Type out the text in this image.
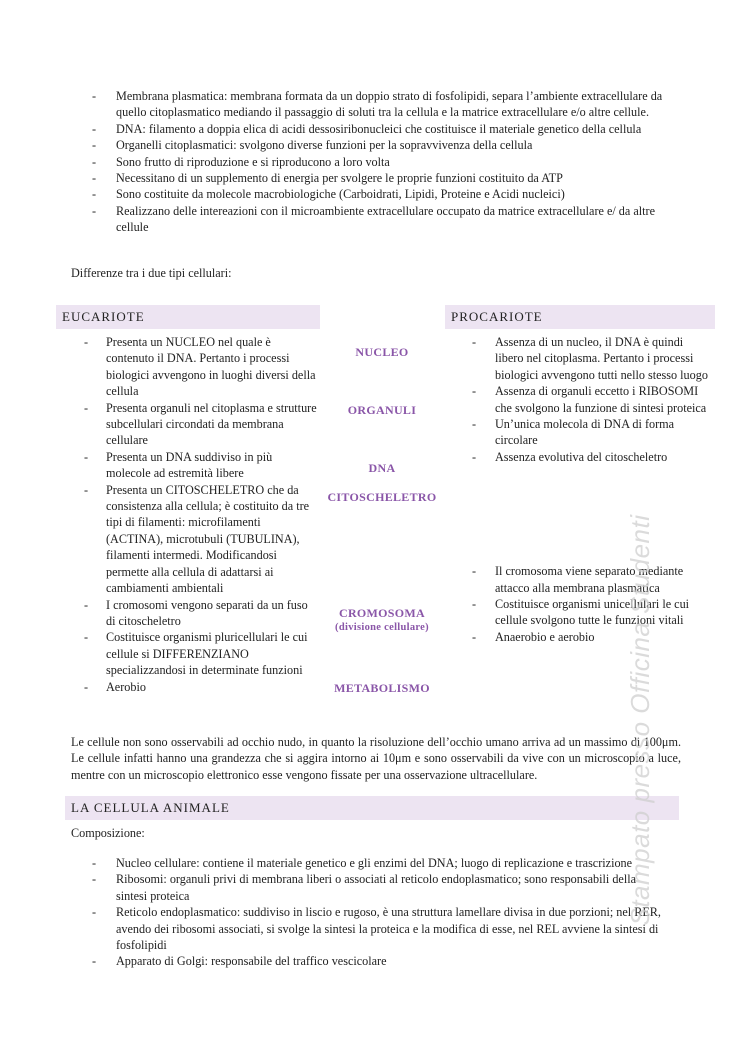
- Membrana plasmatica: membrana formata da un doppio strato di fosfolipidi, separa l’ambiente extracellulare da quello citoplasmatico mediando il passaggio di soluti tra la cellula e la matrice extracellulare e/o altre cellule.
- DNA: filamento a doppia elica di acidi dessosiribonucleici che costituisce il materiale genetico della cellula
- Organelli citoplasmatici: svolgono diverse funzioni per la sopravvivenza della cellula
- Sono frutto di riproduzione e si riproducono a loro volta
- Necessitano di un supplemento di energia per svolgere le proprie funzioni costituito da ATP
- Sono costituite da molecole macrobiologiche (Carboidrati, Lipidi, Proteine e Acidi nucleici)
- Realizzano delle intereazioni con il microambiente extracellulare occupato da matrice extracellulare e/ da altre cellule
Differenze tra i due tipi cellulari:
EUCARIOTE	PROCARIOTE
- Presenta un NUCLEO nel quale è contenuto il DNA. Pertanto i processi biologici avvengono in luoghi diversi della cellula
- Presenta organuli nel citoplasma e strutture subcellulari circondati da membrana cellulare
- Presenta un DNA suddiviso in più molecole ad estremità libere
- Presenta un CITOSCHELETRO che da consistenza alla cellula; è costituito da tre tipi di filamenti: microfilamenti (ACTINA), microtubuli (TUBULINA), filamenti intermedi. Modificandosi permette alla cellula di adattarsi ai cambiamenti ambientali
- I cromosomi vengono separati da un fuso di citoscheletro
- Costituisce organismi pluricellulari le cui cellule si DIFFERENZIANO specializzandosi in determinate funzioni
- Aerobio
NUCLEO
ORGANULI
DNA
CITOSCHELETRO
CROMOSOMA
(divisione cellulare)
METABOLISMO
- Assenza di un nucleo, il DNA è quindi libero nel citoplasma. Pertanto i processi biologici avvengono tutti nello stesso luogo
- Assenza di organuli eccetto i RIBOSOMI che svolgono la funzione di sintesi proteica
- Un’unica molecola di DNA di forma circolare
- Assenza evolutiva del citoscheletro
- Il cromosoma viene separato mediante attacco alla membrana plasmatica
- Costituisce organismi unicellulari le cui cellule svolgono tutte le funzioni vitali
- Anaerobio e aerobio
Le cellule non sono osservabili ad occhio nudo, in quanto la risoluzione dell’occhio umano arriva ad un massimo di 100μm. Le cellule infatti hanno una grandezza che si aggira intorno ai 10μm e sono osservabili da vive con un microscopio a luce, mentre con un microscopio elettronico esse vengono fissate per una osservazione ultracellulare.
LA CELLULA ANIMALE
Composizione:
- Nucleo cellulare: contiene il materiale genetico e gli enzimi del DNA; luogo di replicazione e trascrizione
- Ribosomi: organuli privi di membrana liberi o associati al reticolo endoplasmatico; sono responsabili della sintesi proteica
- Reticolo endoplasmatico: suddiviso in liscio e rugoso, è una struttura lamellare divisa in due porzioni; nel RER, avendo dei ribosomi associati, si svolge la sintesi la proteica e la modifica di esse, nel REL avviene la sintesi di fosfolipidi
- Apparato di Golgi: responsabile del traffico vescicolare
Stampato presso Officina Studenti
